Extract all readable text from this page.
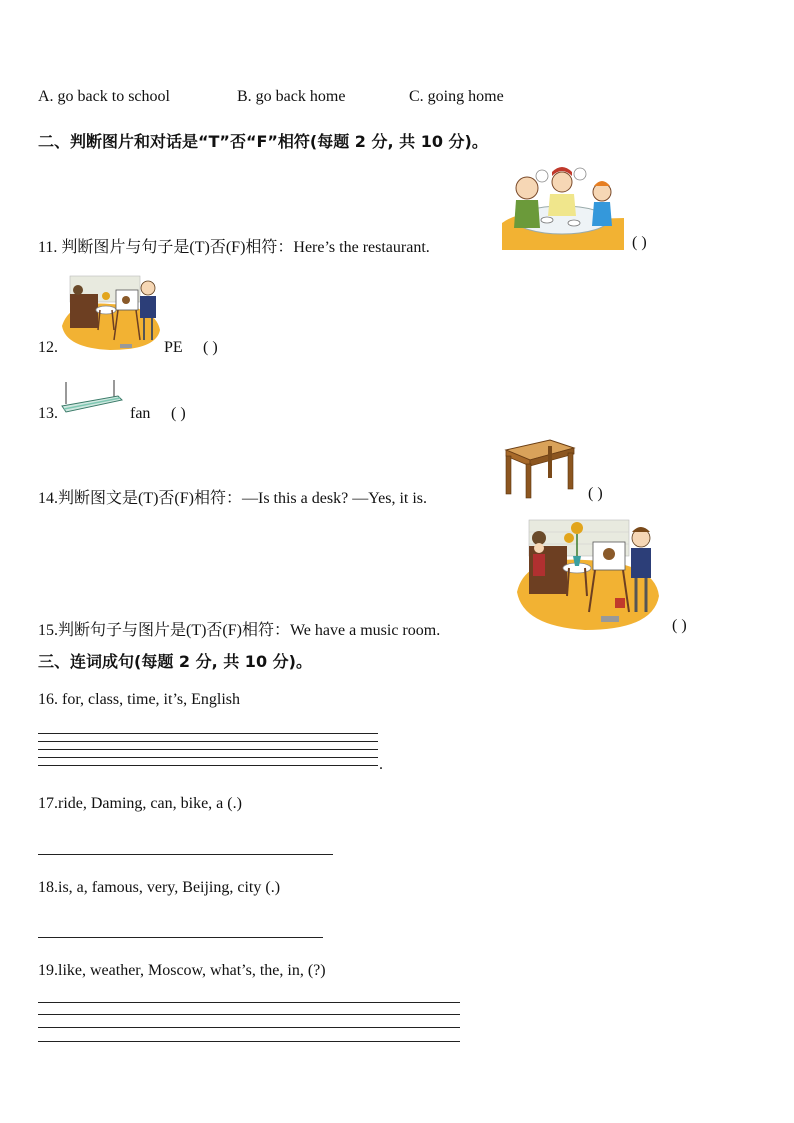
A. go back to school	B. go back home	C. going home
二、判断图片和对话是“T”否“F”相符(每题 2 分, 共 10 分)。
11. 判断图片与句子是(T)否(F)相符：Here’s the restaurant.	( )
12.	PE ( )
13.	fan ( )
14.判断图文是(T)否(F)相符：—Is this a desk? —Yes, it is.	( )
15.判断句子与图片是(T)否(F)相符：We have a music room.	( )
三、连词成句(每题 2 分, 共 10 分)。
16. for, class, time, it’s, English
.
17.ride, Daming, can, bike, a (.)
18.is, a, famous, very, Beijing, city (.)
19.like, weather, Moscow, what’s, the, in, (?)
